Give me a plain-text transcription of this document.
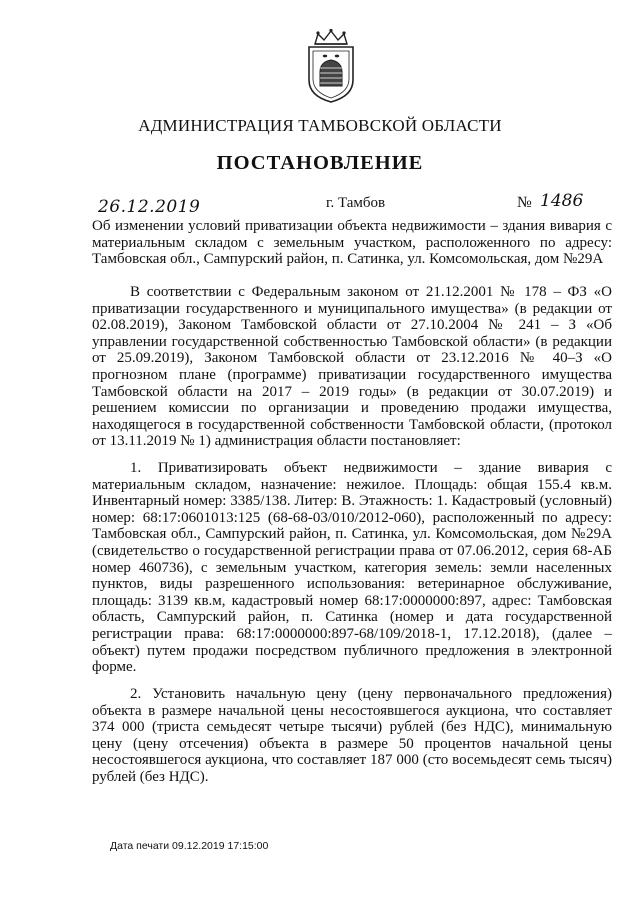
АДМИНИСТРАЦИЯ ТАМБОВСКОЙ ОБЛАСТИ
ПОСТАНОВЛЕНИЕ
26.12.2019	г. Тамбов	№ 1486
Об изменении условий приватизации объекта недвижимости – здания вивария с материальным складом с земельным участком, расположенного по адресу: Тамбовская обл., Сампурский район, п. Сатинка, ул. Комсомольская, дом №29А
В соответствии с Федеральным законом от 21.12.2001 № 178 – ФЗ «О приватизации государственного и муниципального имущества» (в редакции от 02.08.2019), Законом Тамбовской области от 27.10.2004 № 241 – З «Об управлении государственной собственностью Тамбовской области» (в редакции от 25.09.2019), Законом Тамбовской области от 23.12.2016 № 40–З «О прогнозном плане (программе) приватизации государственного имущества Тамбовской области на 2017 – 2019 годы» (в редакции от 30.07.2019) и решением комиссии по организации и проведению продажи имущества, находящегося в государственной собственности Тамбовской области, (протокол от 13.11.2019 № 1) администрация области постановляет:
1. Приватизировать объект недвижимости – здание вивария с материальным складом, назначение: нежилое. Площадь: общая 155.4 кв.м. Инвентарный номер: 3385/138. Литер: В. Этажность: 1. Кадастровый (условный) номер: 68:17:0601013:125 (68-68-03/010/2012-060), расположенный по адресу: Тамбовская обл., Сампурский район, п. Сатинка, ул. Комсомольская, дом №29А (свидетельство о государственной регистрации права от 07.06.2012, серия 68-АБ номер 460736), с земельным участком, категория земель: земли населенных пунктов, виды разрешенного использования: ветеринарное обслуживание, площадь: 3139 кв.м, кадастровый номер 68:17:0000000:897, адрес: Тамбовская область, Сампурский район, п. Сатинка (номер и дата государственной регистрации права: 68:17:0000000:897-68/109/2018-1, 17.12.2018), (далее – объект) путем продажи посредством публичного предложения в электронной форме.
2. Установить начальную цену (цену первоначального предложения) объекта в размере начальной цены несостоявшегося аукциона, что составляет 374 000 (триста семьдесят четыре тысячи) рублей (без НДС), минимальную цену (цену отсечения) объекта в размере 50 процентов начальной цены несостоявшегося аукциона, что составляет 187 000 (сто восемьдесят семь тысяч) рублей (без НДС).
Дата печати 09.12.2019 17:15:00
